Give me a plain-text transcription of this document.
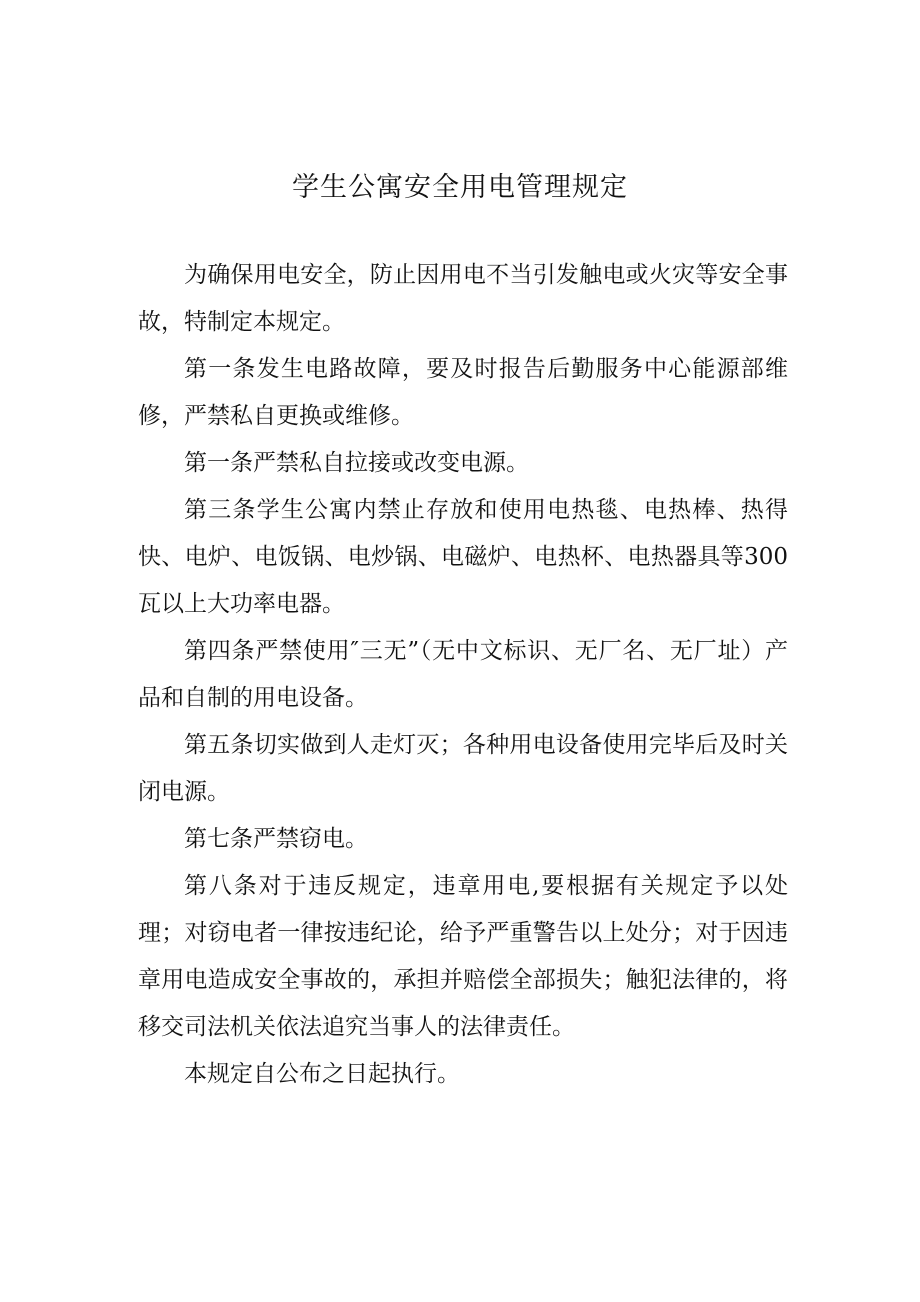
学生公寓安全用电管理规定

为确保用电安全，防止因用电不当引发触电或火灾等安全事故，特制定本规定。

第一条发生电路故障，要及时报告后勤服务中心能源部维修，严禁私自更换或维修。

第一条严禁私自拉接或改变电源。

第三条学生公寓内禁止存放和使用电热毯、电热棒、热得快、电炉、电饭锅、电炒锅、电磁炉、电热杯、电热器具等300瓦以上大功率电器。

第四条严禁使用″三无”（无中文标识、无厂名、无厂址）产品和自制的用电设备。

第五条切实做到人走灯灭；各种用电设备使用完毕后及时关闭电源。

第七条严禁窃电。

第八条对于违反规定，违章用电,要根据有关规定予以处理；对窃电者一律按违纪论，给予严重警告以上处分；对于因违章用电造成安全事故的，承担并赔偿全部损失；触犯法律的，将移交司法机关依法追究当事人的法律责任。

本规定自公布之日起执行。
